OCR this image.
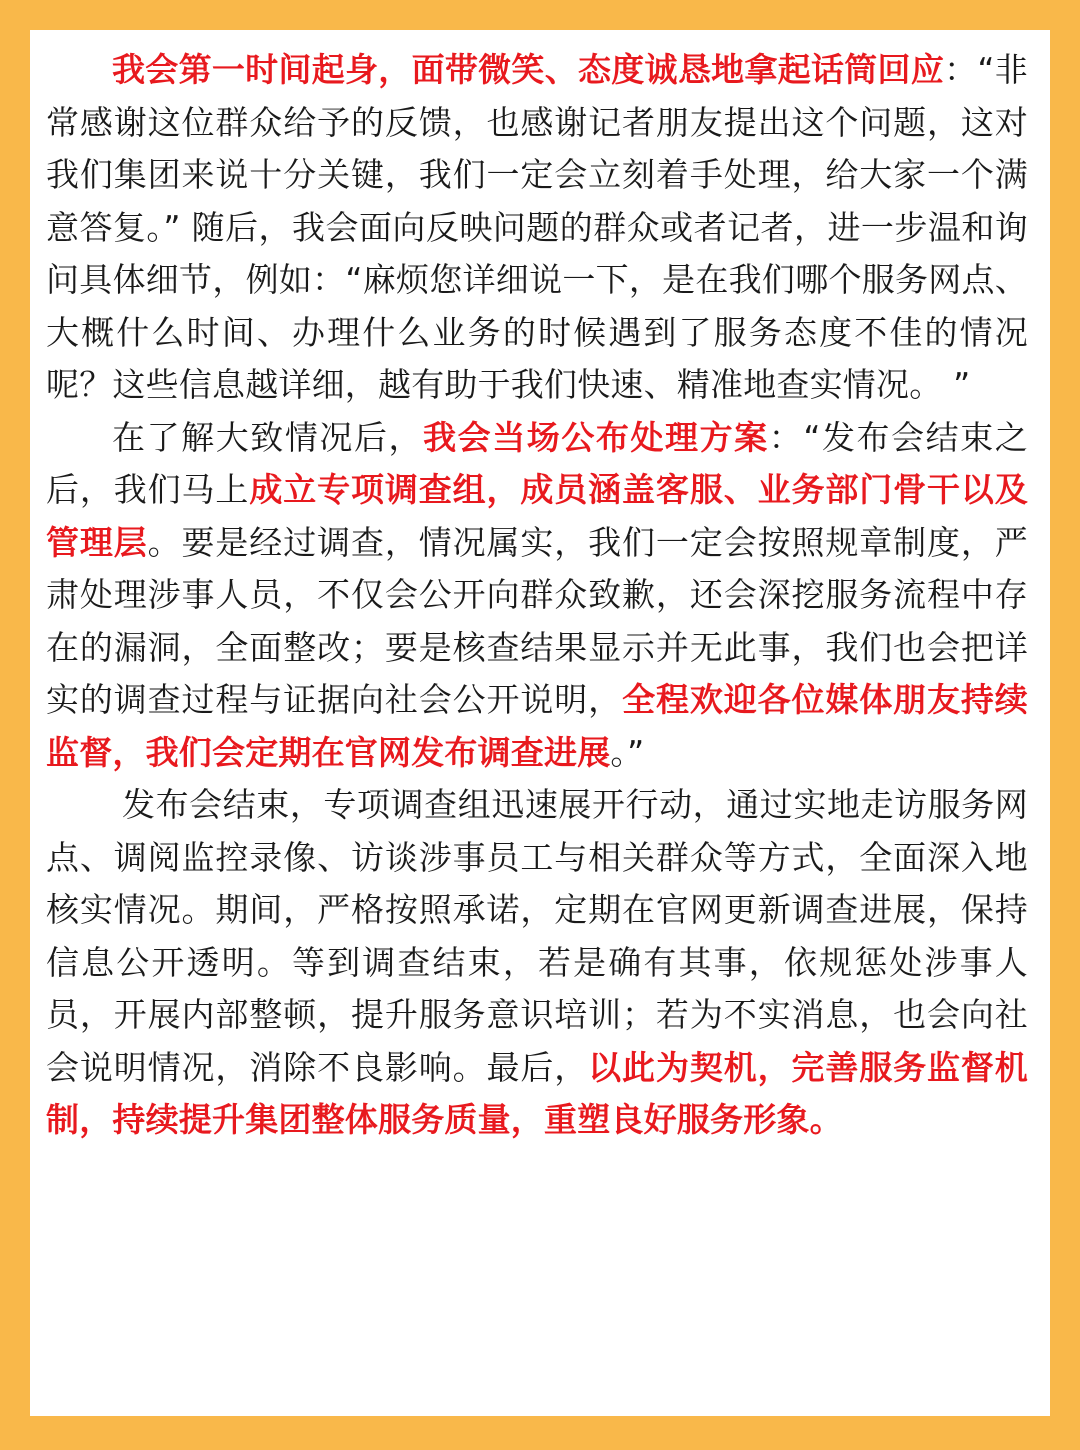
我会第一时间起身，面带微笑、态度诚恳地拿起话筒回应：“非常感谢这位群众给予的反馈，也感谢记者朋友提出这个问题，这对我们集团来说十分关键，我们一定会立刻着手处理，给大家一个满意答复。” 随后，我会面向反映问题的群众或者记者，进一步温和询问具体细节，例如：“麻烦您详细说一下，是在我们哪个服务网点、大概什么时间、办理什么业务的时候遇到了服务态度不佳的情况呢？这些信息越详细，越有助于我们快速、精准地查实情况。 ”

在了解大致情况后，我会当场公布处理方案：“发布会结束之后，我们马上成立专项调查组，成员涵盖客服、业务部门骨干以及管理层。要是经过调查，情况属实，我们一定会按照规章制度，严肃处理涉事人员，不仅会公开向群众致歉，还会深挖服务流程中存在的漏洞，全面整改；要是核查结果显示并无此事，我们也会把详实的调查过程与证据向社会公开说明，全程欢迎各位媒体朋友持续监督，我们会定期在官网发布调查进展。”

发布会结束，专项调查组迅速展开行动，通过实地走访服务网点、调阅监控录像、访谈涉事员工与相关群众等方式，全面深入地核实情况。期间，严格按照承诺，定期在官网更新调查进展，保持信息公开透明。等到调查结束，若是确有其事，依规惩处涉事人员，开展内部整顿，提升服务意识培训；若为不实消息，也会向社会说明情况，消除不良影响。最后，以此为契机，完善服务监督机制，持续提升集团整体服务质量，重塑良好服务形象。
